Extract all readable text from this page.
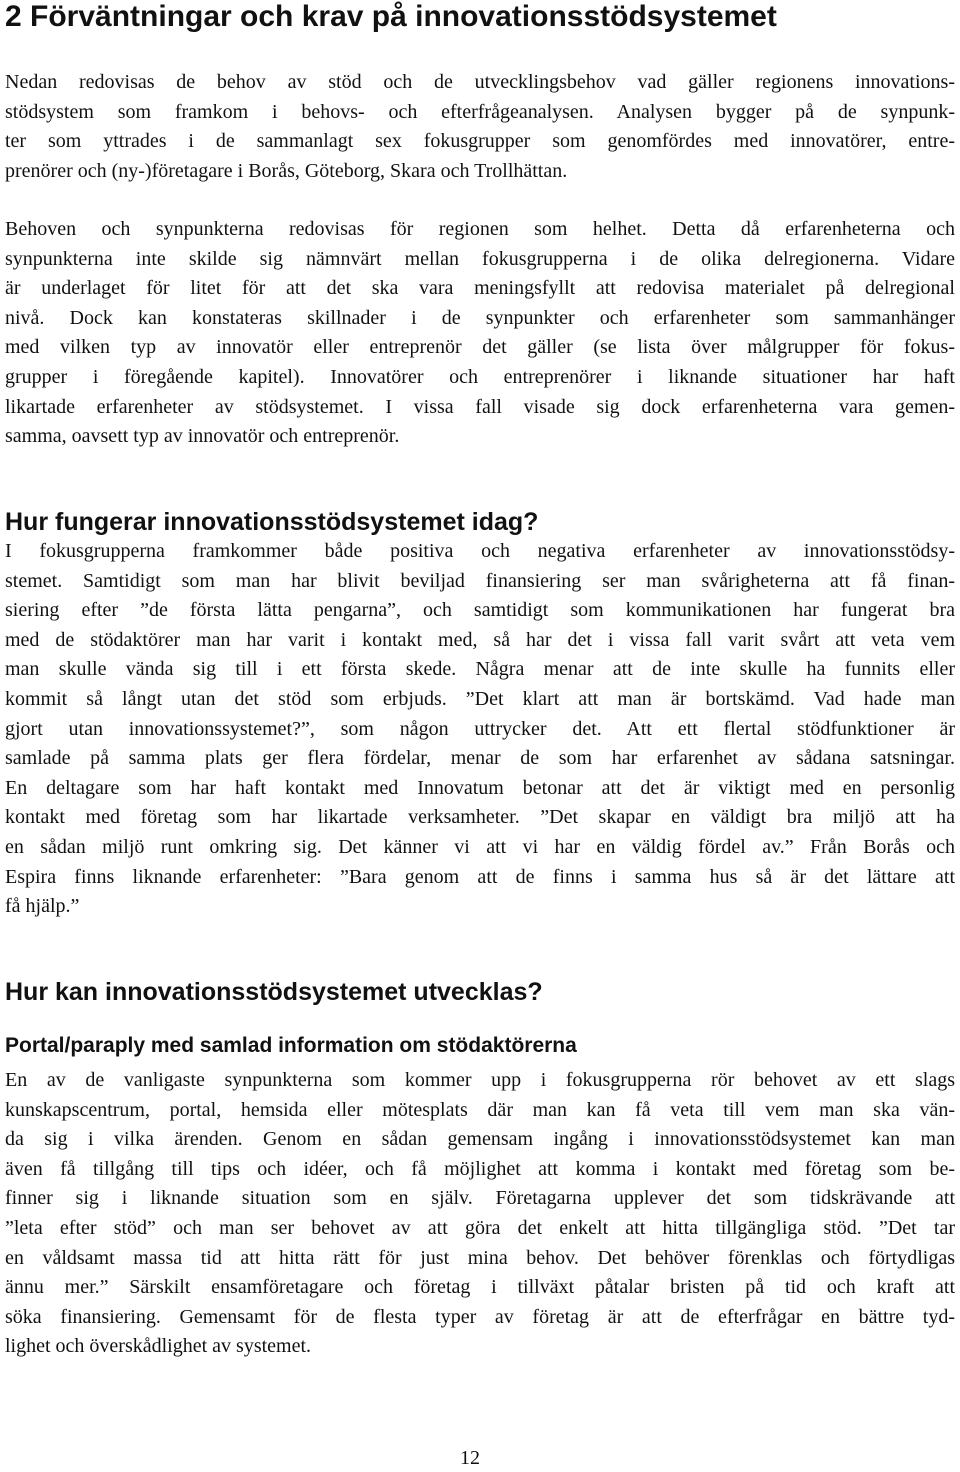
2 Förväntningar och krav på innovationsstödsystemet
Nedan redovisas de behov av stöd och de utvecklingsbehov vad gäller regionens innovations-
stödsystem som framkom i behovs- och efterfrågeanalysen. Analysen bygger på de synpunk-
ter som yttrades i de sammanlagt sex fokusgrupper som genomfördes med innovatörer, entre-
prenörer och (ny-)företagare i Borås, Göteborg, Skara och Trollhättan.
Behoven och synpunkterna redovisas för regionen som helhet. Detta då erfarenheterna och
synpunkterna inte skilde sig nämnvärt mellan fokusgrupperna i de olika delregionerna. Vidare
är underlaget för litet för att det ska vara meningsfyllt att redovisa materialet på delregional
nivå. Dock kan konstateras skillnader i de synpunkter och erfarenheter som sammanhänger
med vilken typ av innovatör eller entreprenör det gäller (se lista över målgrupper för fokus-
grupper i föregående kapitel). Innovatörer och entreprenörer i liknande situationer har haft
likartade erfarenheter av stödsystemet. I vissa fall visade sig dock erfarenheterna vara gemen-
samma, oavsett typ av innovatör och entreprenör.
Hur fungerar innovationsstödsystemet idag?
I fokusgrupperna framkommer både positiva och negativa erfarenheter av innovationsstödsy-
stemet. Samtidigt som man har blivit beviljad finansiering ser man svårigheterna att få finan-
siering efter ”de första lätta pengarna”, och samtidigt som kommunikationen har fungerat bra
med de stödaktörer man har varit i kontakt med, så har det i vissa fall varit svårt att veta vem
man skulle vända sig till i ett första skede. Några menar att de inte skulle ha funnits eller
kommit så långt utan det stöd som erbjuds. ”Det klart att man är bortskämd. Vad hade man
gjort utan innovationssystemet?”, som någon uttrycker det. Att ett flertal stödfunktioner är
samlade på samma plats ger flera fördelar, menar de som har erfarenhet av sådana satsningar.
En deltagare som har haft kontakt med Innovatum betonar att det är viktigt med en personlig
kontakt med företag som har likartade verksamheter. ”Det skapar en väldigt bra miljö att ha
en sådan miljö runt omkring sig. Det känner vi att vi har en väldig fördel av.” Från Borås och
Espira finns liknande erfarenheter: ”Bara genom att de finns i samma hus så är det lättare att
få hjälp.”
Hur kan innovationsstödsystemet utvecklas?
Portal/paraply med samlad information om stödaktörerna
En av de vanligaste synpunkterna som kommer upp i fokusgrupperna rör behovet av ett slags
kunskapscentrum, portal, hemsida eller mötesplats där man kan få veta till vem man ska vän-
da sig i vilka ärenden. Genom en sådan gemensam ingång i innovationsstödsystemet kan man
även få tillgång till tips och idéer, och få möjlighet att komma i kontakt med företag som be-
finner sig i liknande situation som en själv. Företagarna upplever det som tidskrävande att
”leta efter stöd” och man ser behovet av att göra det enkelt att hitta tillgängliga stöd. ”Det tar
en våldsamt massa tid att hitta rätt för just mina behov. Det behöver förenklas och förtydligas
ännu mer.” Särskilt ensamföretagare och företag i tillväxt påtalar bristen på tid och kraft att
söka finansiering. Gemensamt för de flesta typer av företag är att de efterfrågar en bättre tyd-
lighet och överskådlighet av systemet.
12
